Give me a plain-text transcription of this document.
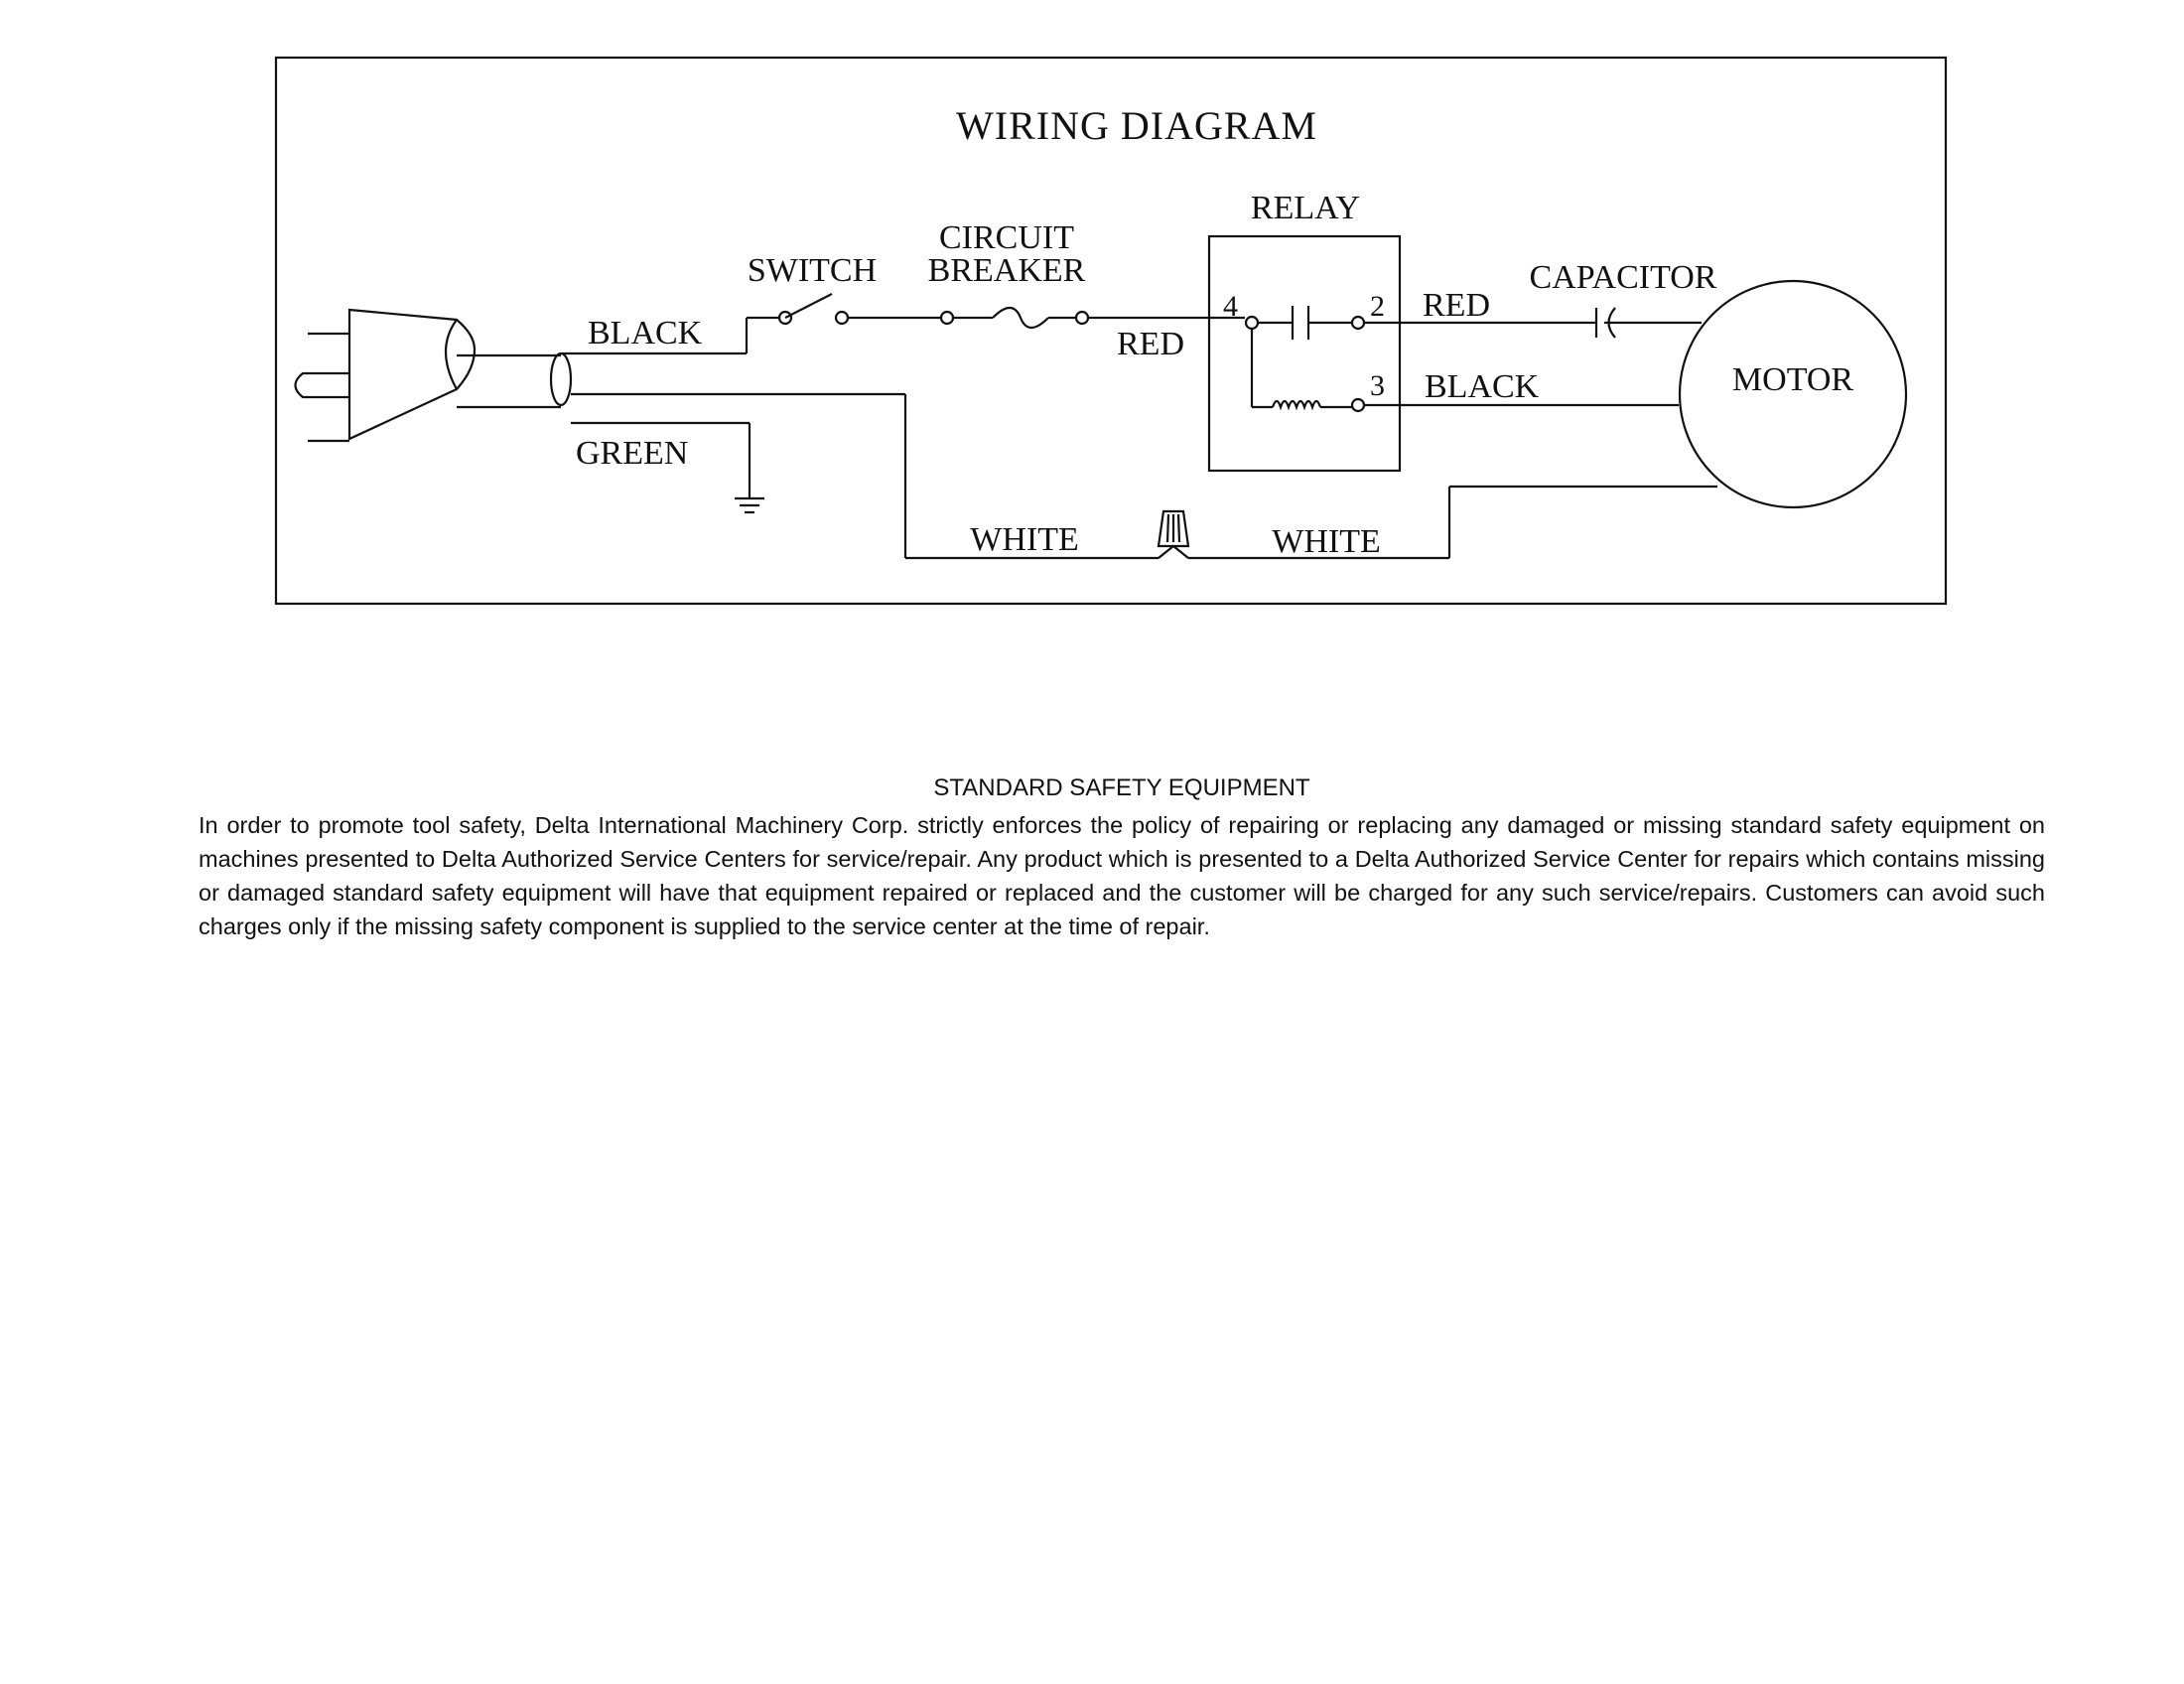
WIRING DIAGRAM
BLACK
GREEN
SWITCH
CIRCUIT
BREAKER
RED
RELAY
4	2
3
RED
CAPACITOR
BLACK	MOTOR
WHITE	WHITE

STANDARD SAFETY EQUIPMENT

In order to promote tool safety, Delta International Machinery Corp. strictly enforces the policy of repairing or replacing any damaged or missing standard safety equipment on machines presented to Delta Authorized Service Centers for service/repair. Any product which is presented to a Delta Authorized Service Center for repairs which contains missing or damaged standard safety equipment will have that equipment repaired or replaced and the customer will be charged for any such service/repairs. Customers can avoid such charges only if the missing safety component is supplied to the service center at the time of repair.
